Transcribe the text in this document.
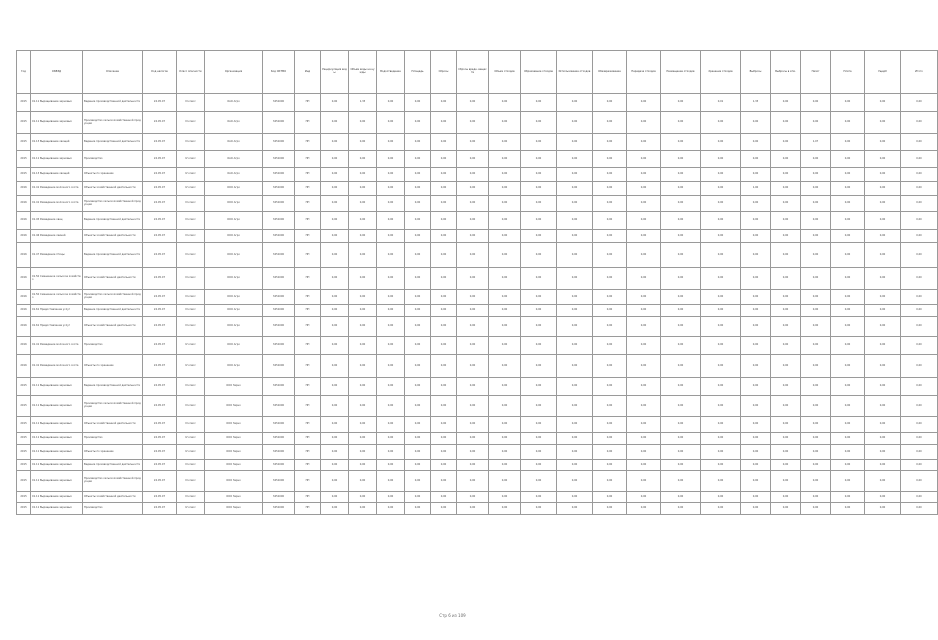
Год	ОКВЭД	Описание	Код налогов	Класс опасности	Организация	Код ОКТМО	Инд	Рециркуляция воды	Объем воды на нужды	Водоотведение	Площадь	Сбросы	Сбросы вредн. веществ	Объем отходов	Образование отходов	Использование отходов	Обезвреживание	Передача отходов	Размещение отходов	Хранение отходов	Выбросы	Выбросы в атм.	Налог	Плата	Ущерб	Итого
2015	01.11 Выращивание зерновых	Ведение производственной деятельности	24.05.07	III класс	ОАО Агро	3451000	ПН	0,00	1,33	0,00	0,00	0,00	0,00	0,00	0,00	0,00	0,00	0,00	0,00	0,01	1,33	0,00	0,00	0,00	0,00	0,00
2015	01.11 Выращивание зерновых	Производство сельскохозяйственной продукции	24.05.07	III класс	ОАО Агро	3451000	ПН	0,00	0,00	0,00	0,00	0,00	0,00	0,00	0,00	0,00	0,00	0,00	0,00	0,00	0,00	0,00	0,00	0,00	0,00	0,00
2015	01.13 Выращивание овощей	Ведение производственной деятельности	24.05.07	III класс	ОАО Агро	3451000	ПН	0,00	0,00	0,00	0,00	0,00	0,00	0,00	0,00	0,00	0,00	0,00	0,00	0,00	0,00	0,00	1,07	0,00	0,00	0,00
2015	01.11 Выращивание зерновых	Производство	24.05.07	IV класс	ОАО Агро	3451000	ПН	0,00	0,00	0,00	0,00	0,00	0,00	0,00	0,00	0,00	0,00	0,00	0,00	0,00	0,00	0,00	0,00	0,00	0,00	0,00
2015	01.13 Выращивание овощей	Объекты по хранению	24.05.07	IV класс	ОАО Агро	3451000	ПН	0,00	0,00	0,00	0,00	0,00	0,00	0,00	0,00	0,00	0,00	0,00	0,00	0,00	0,00	0,00	0,00	0,00	0,00	0,00
2016	01.41 Разведение молочного скота	Объекты хозяйственной деятельности	24.05.07	IV класс	ООО Агро	3451000	ПН	0,00	0,00	0,00	0,00	0,00	0,00	0,00	0,00	0,00	0,00	0,00	0,00	0,00	1,00	0,00	0,00	0,00	0,00	0,00
2016	01.41 Разведение молочного скота	Производство сельскохозяйственной продукции	24.05.07	III класс	ООО Агро	3451000	ПН	0,00	0,00	0,00	0,00	0,00	0,00	0,00	0,00	0,00	0,00	0,00	0,00	0,00	0,00	0,00	0,00	0,00	0,00	0,00
2016	01.45 Разведение овец	Ведение производственной деятельности	24.05.07	III класс	ООО Агро	3451000	ПН	0,00	0,00	0,00	0,00	0,00	0,00	0,00	0,00	0,00	0,00	0,00	0,00	0,00	0,00	0,00	0,00	0,00	0,00	0,00
2016	01.46 Разведение свиней	Объекты хозяйственной деятельности	24.05.07	III класс	ООО Агро	3451000	ПН	0,00	0,00	0,00	0,00	0,00	0,00	0,00	0,00	0,00	0,00	0,00	0,00	0,00	0,00	0,00	0,00	0,00	0,00	0,00
2016	01.47 Разведение птицы	Ведение производственной деятельности	24.05.07	III класс	ООО Агро	3451000	ПН	0,00	0,00	0,00	0,00	0,00	0,00	0,00	0,00	0,00	0,00	0,00	0,00	0,00	0,00	0,00	0,00	0,00	0,00	0,00
2016	01.50 Смешанное сельское хозяйство	Объекты хозяйственной деятельности	24.05.07	III класс	ООО Агро	3451000	ПН	0,00	0,00	0,00	0,00	0,00	0,00	0,00	0,00	0,00	0,00	0,00	0,00	0,00	0,00	0,00	0,00	0,00	0,00	0,00
2016	01.50 Смешанное сельское хозяйство	Производство сельскохозяйственной продукции	24.05.07	III класс	ООО Агро	3451000	ПН	0,00	0,00	0,00	0,00	0,00	0,00	0,00	0,00	0,00	0,00	0,00	0,00	0,00	0,00	0,00	0,00	0,00	0,00	0,00
2016	01.61 Предоставление услуг	Ведение производственной деятельности	24.05.07	III класс	ООО Агро	3451000	ПН	0,00	0,00	0,00	0,00	0,00	0,00	0,00	0,00	0,00	0,00	0,00	0,00	0,00	0,00	0,00	0,00	0,00	0,00	0,00
2016	01.61 Предоставление услуг	Объекты хозяйственной деятельности	24.05.07	III класс	ООО Агро	3451000	ПН	0,00	0,00	0,00	0,00	0,00	0,00	0,00	0,00	0,00	0,00	0,00	0,00	0,00	0,00	0,00	0,00	0,00	0,00	0,00
2016	01.41 Разведение молочного скота	Производство	24.05.07	IV класс	ООО Агро	3451000	ПН	0,00	0,00	0,00	0,00	0,00	0,00	0,00	0,00	0,00	0,00	0,00	0,00	0,00	0,00	0,00	0,00	0,00	0,00	0,00
2016	01.41 Разведение молочного скота	Объекты по хранению	24.05.07	IV класс	ООО Агро	3451000	ПН	0,00	0,00	0,00	0,00	0,00	0,00	0,00	0,00	0,00	0,00	0,00	0,00	0,00	0,00	0,00	0,00	0,00	0,00	0,00
2015	01.11 Выращивание зерновых	Ведение производственной деятельности	24.05.07	III класс	ООО Зерно	3451000	ПН	0,00	0,00	0,00	0,00	0,00	0,00	0,00	0,00	0,00	0,00	0,00	0,00	0,00	0,00	0,00	0,00	0,00	0,00	0,00
2015	01.11 Выращивание зерновых	Производство сельскохозяйственной продукции	24.05.07	III класс	ООО Зерно	3451000	ПН	0,00	0,00	0,00	0,00	0,00	0,00	0,00	0,00	0,00	0,00	0,00	0,00	0,00	0,00	0,00	0,00	0,00	0,00	0,00
2015	01.11 Выращивание зерновых	Объекты хозяйственной деятельности	24.05.07	III класс	ООО Зерно	3451000	ПН	0,00	0,00	0,00	0,00	0,00	0,00	0,00	0,00	0,00	0,00	0,00	0,00	0,00	0,00	0,00	0,00	0,00	0,00	0,00
2015	01.11 Выращивание зерновых	Производство	24.05.07	IV класс	ООО Зерно	3451000	ПН	0,00	0,00	0,00	0,00	0,00	0,00	0,00	0,00	0,00	0,00	0,00	0,00	0,00	0,00	0,00	0,00	0,00	0,00	0,00
2015	01.11 Выращивание зерновых	Объекты по хранению	24.05.07	IV класс	ООО Зерно	3451000	ПН	0,00	0,00	0,00	0,00	0,00	0,00	0,00	0,00	0,00	0,00	0,00	0,00	0,00	0,00	0,00	0,00	0,00	0,00	0,00
2015	01.11 Выращивание зерновых	Ведение производственной деятельности	24.05.07	III класс	ООО Зерно	3451000	ПН	0,00	0,00	0,00	0,00	0,00	0,00	0,00	0,00	0,00	0,00	0,00	0,00	0,00	0,00	0,00	0,00	0,00	0,00	0,00
2015	01.11 Выращивание зерновых	Производство сельскохозяйственной продукции	24.05.07	III класс	ООО Зерно	3451000	ПН	0,00	0,00	0,00	0,00	0,00	0,00	0,00	0,00	0,00	0,00	0,00	0,00	0,00	0,00	0,00	0,00	0,00	0,00	0,00
2015	01.11 Выращивание зерновых	Объекты хозяйственной деятельности	24.05.07	III класс	ООО Зерно	3451000	ПН	0,00	0,00	0,00	0,00	0,00	0,00	0,00	0,00	0,00	0,00	0,00	0,00	0,00	0,00	0,00	0,00	0,00	0,00	0,00
2015	01.11 Выращивание зерновых	Производство	24.05.07	IV класс	ООО Зерно	3451000	ПН	0,00	0,00	0,00	0,00	0,00	0,00	0,00	0,00	0,00	0,00	0,00	0,00	0,00	0,00	0,00	0,00	0,00	0,00	0,00
Стр 6 из 109
